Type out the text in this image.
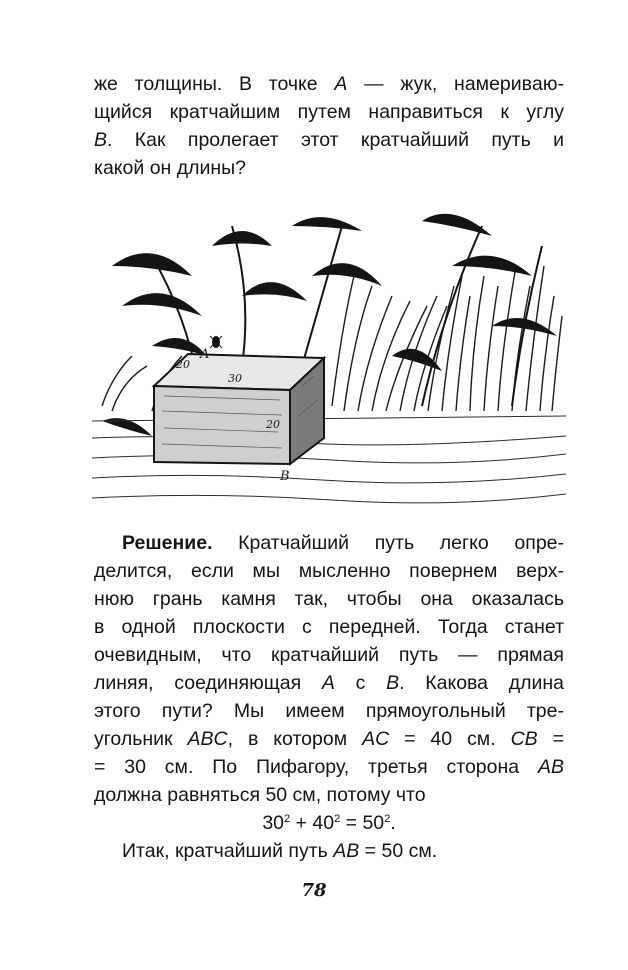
же толщины. В точке A — жук, намеривaю-
щийся кратчайшим путем направиться к углу
B. Как пролегает этот кратчайший путь и
какой он длины?
A
B
20
30
20
Решение. Кратчайший путь легко опре-
делится, если мы мысленно повернем верх-
нюю грань камня так, чтобы она оказалась
в одной плоскости с передней. Тогда станет
очевидным, что кратчайший путь — прямая
линяя, соединяющая A с B. Какова длина
этого пути? Мы имеем прямоугольный тре-
угольник ABC, в котором AC = 40 см. CB =
= 30 см. По Пифагору, третья сторона AB
должна равняться 50 см, потому что
$30^2 + 40^2 = 50^2$.
Итак, кратчайший путь AB = 50 см.
78
